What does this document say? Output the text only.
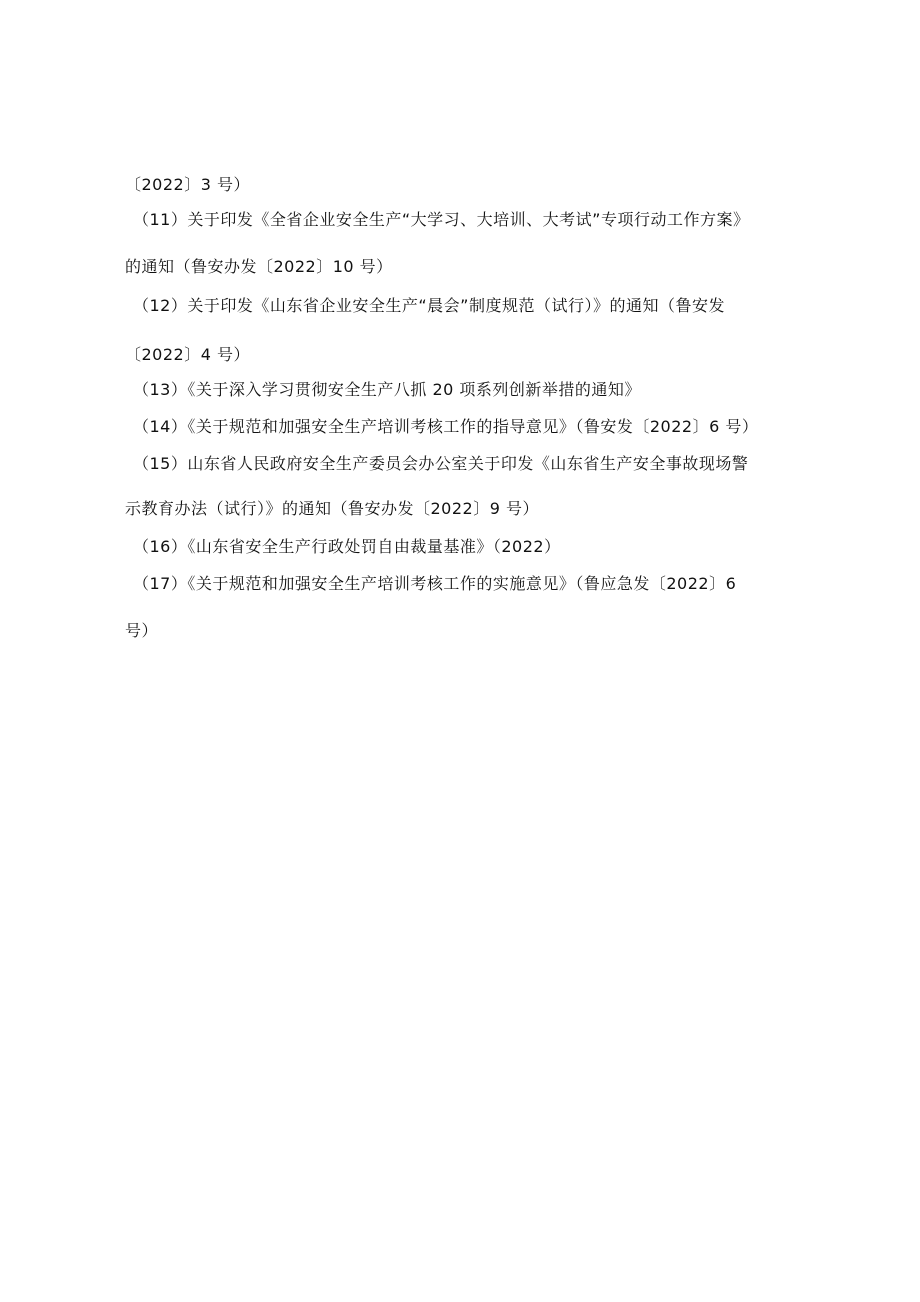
〔2022〕3 号）
（11）关于印发《全省企业安全生产“大学习、大培训、大考试”专项行动工作方案》
的通知（鲁安办发〔2022〕10 号）
（12）关于印发《山东省企业安全生产“晨会”制度规范（试行）》的通知（鲁安发
〔2022〕4 号）
（13）《关于深入学习贯彻安全生产八抓 20 项系列创新举措的通知》
（14）《关于规范和加强安全生产培训考核工作的指导意见》（鲁安发〔2022〕6 号）
（15）山东省人民政府安全生产委员会办公室关于印发《山东省生产安全事故现场警
示教育办法（试行）》的通知（鲁安办发〔2022〕9 号）
（16）《山东省安全生产行政处罚自由裁量基准》（2022）
（17）《关于规范和加强安全生产培训考核工作的实施意见》（鲁应急发〔2022〕6
号）
